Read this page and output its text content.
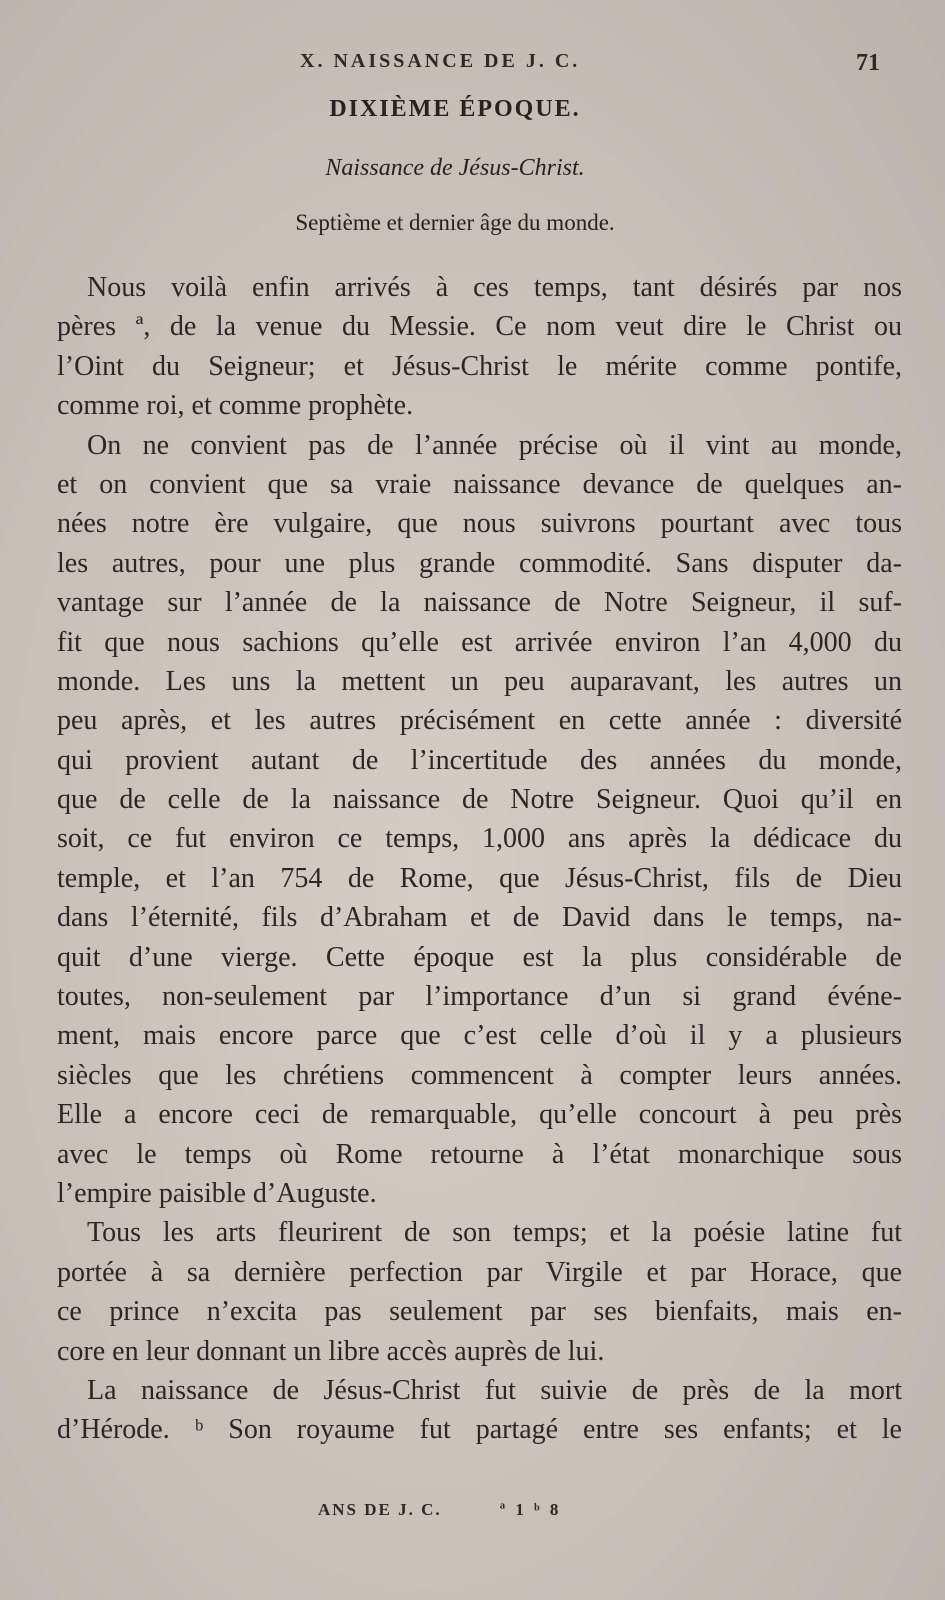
X. NAISSANCE DE J. C.	71
DIXIÈME ÉPOQUE.
Naissance de Jésus-Christ.
Septième et dernier âge du monde.
Nous voilà enfin arrivés à ces temps, tant désirés par nos
pères ª, de la venue du Messie. Ce nom veut dire le Christ ou
l’Oint du Seigneur; et Jésus-Christ le mérite comme pontife,
comme roi, et comme prophète.
On ne convient pas de l’année précise où il vint au monde,
et on convient que sa vraie naissance devance de quelques an-
nées notre ère vulgaire, que nous suivrons pourtant avec tous
les autres, pour une plus grande commodité. Sans disputer da-
vantage sur l’année de la naissance de Notre Seigneur, il suf-
fit que nous sachions qu’elle est arrivée environ l’an 4,000 du
monde. Les uns la mettent un peu auparavant, les autres un
peu après, et les autres précisément en cette année : diversité
qui provient autant de l’incertitude des années du monde,
que de celle de la naissance de Notre Seigneur. Quoi qu’il en
soit, ce fut environ ce temps, 1,000 ans après la dédicace du
temple, et l’an 754 de Rome, que Jésus-Christ, fils de Dieu
dans l’éternité, fils d’Abraham et de David dans le temps, na-
quit d’une vierge. Cette époque est la plus considérable de
toutes, non-seulement par l’importance d’un si grand événe-
ment, mais encore parce que c’est celle d’où il y a plusieurs
siècles que les chrétiens commencent à compter leurs années.
Elle a encore ceci de remarquable, qu’elle concourt à peu près
avec le temps où Rome retourne à l’état monarchique sous
l’empire paisible d’Auguste.
Tous les arts fleurirent de son temps; et la poésie latine fut
portée à sa dernière perfection par Virgile et par Horace, que
ce prince n’excita pas seulement par ses bienfaits, mais en-
core en leur donnant un libre accès auprès de lui.
La naissance de Jésus-Christ fut suivie de près de la mort
d’Hérode. ᵇ Son royaume fut partagé entre ses enfants; et le
ANS DE J. C.	ª 1 ᵇ 8
